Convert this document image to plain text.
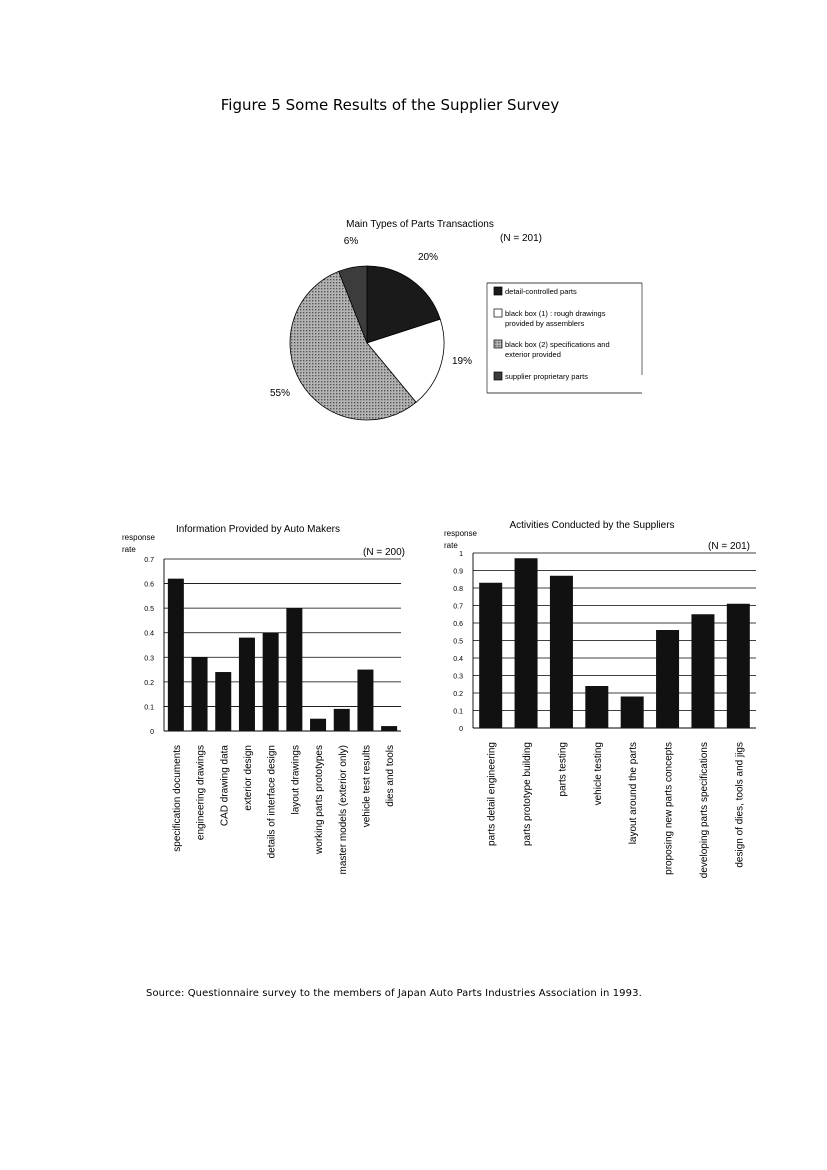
Figure 5 Some Results of the Supplier Survey
Main Types of Parts Transactions
(N = 201)
20%
19%
55%
6%
detail-controlled parts
black box (1) : rough drawings
provided by assemblers
black box (2) specifications and
exterior provided
supplier proprietary parts
Information Provided by Auto Makers
(N = 200)
response
rate
0
0.1
0.2
0.3
0.4
0.5
0.6
0.7
specification documents engineering drawings CAD drawing data exterior design details of interface design layout drawings working parts prototypes master models (exterior only) vehicle test results dies and tools
Activities Conducted by the Suppliers
(N = 201)
response
rate
0
0.1
0.2
0.3
0.4
0.5
0.6
0.7
0.8
0.9
1
parts detail engineering parts prototype building parts testing vehicle testing layout around the parts proposing new parts concepts developing parts specifications design of dies, tools and jigs
Source: Questionnaire survey to the members of Japan Auto Parts Industries Association in 1993.
